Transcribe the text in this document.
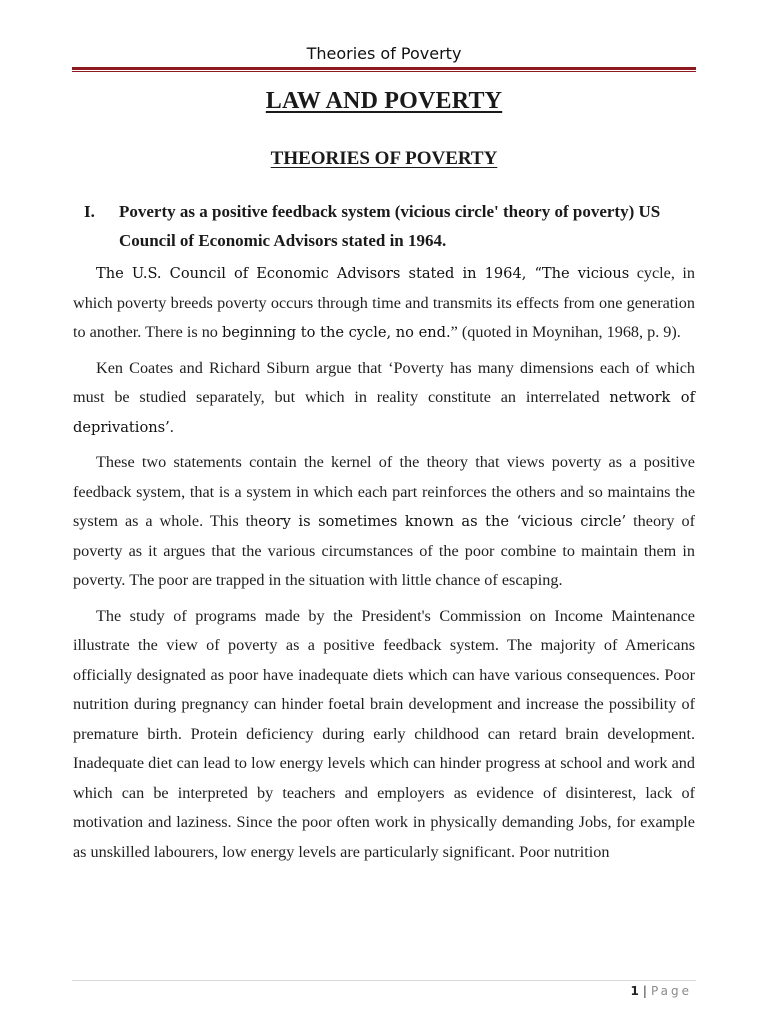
Theories of Poverty
LAW AND POVERTY
THEORIES OF POVERTY
I. Poverty as a positive feedback system (vicious circle' theory of poverty) US Council of Economic Advisors stated in 1964.

The U.S. Council of Economic Advisors stated in 1964, “The vicious cycle, in which poverty breeds poverty occurs through time and transmits its effects from one generation to another. There is no beginning to the cycle, no end.” (quoted in Moynihan, 1968, p. 9).

Ken Coates and Richard Siburn argue that ‘Poverty has many dimensions each of which must be studied separately, but which in reality constitute an interrelated network of deprivations’.

These two statements contain the kernel of the theory that views poverty as a positive feedback system, that is a system in which each part reinforces the others and so maintains the system as a whole. This theory is sometimes known as the ‘vicious circle’ theory of poverty as it argues that the various circumstances of the poor combine to maintain them in poverty. The poor are trapped in the situation with little chance of escaping.

The study of programs made by the President's Commission on Income Maintenance illustrate the view of poverty as a positive feedback system. The majority of Americans officially designated as poor have inadequate diets which can have various consequences. Poor nutrition during pregnancy can hinder foetal brain development and increase the possibility of premature birth. Protein deficiency during early childhood can retard brain development. Inadequate diet can lead to low energy levels which can hinder progress at school and work and which can be interpreted by teachers and employers as evidence of disinterest, lack of motivation and laziness. Since the poor often work in physically demanding Jobs, for example as unskilled labourers, low energy levels are particularly significant. Poor nutrition

1 | Page
